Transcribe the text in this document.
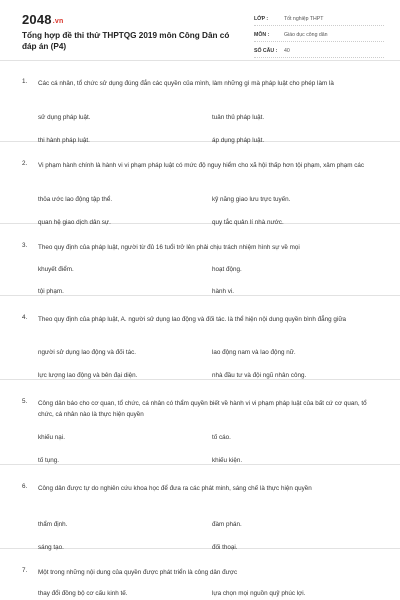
2048.vn
Tổng hợp đề thi thử THPTQG 2019 môn Công Dân có đáp án (P4)
LỚP :	Tốt nghiệp THPT
MÔN :	Giáo dục công dân
SỐ CÂU :	40
1.	Các cá nhân, tổ chức sử dụng đúng đắn các quyền của mình, làm những gì mà pháp luật cho phép làm là
sử dụng pháp luật.	tuân thủ pháp luật.
thi hành pháp luật.	áp dụng pháp luật.
2.	Vi phạm hành chính là hành vi vi phạm pháp luật có mức độ nguy hiểm cho xã hội thấp hơn tội phạm, xâm phạm các
thỏa ước lao động tập thể.	kỹ năng giao lưu trực tuyến.
quan hệ giao dịch dân sự.	quy tắc quản lí nhà nước.
3.	Theo quy định của pháp luật, người từ đủ 16 tuổi trở lên phải chịu trách nhiệm hình sự về mọi
khuyết điểm.	hoạt động.
tội phạm.	hành vi.
4.	Theo quy định của pháp luật, A. người sử dụng lao động và đối tác. là thể hiện nội dung quyền bình đẳng giữa
người sử dụng lao động và đối tác.	lao động nam và lao động nữ.
lực lượng lao động và bên đại diện.	nhà đầu tư và đội ngũ nhân công.
5.	Công dân báo cho cơ quan, tổ chức, cá nhân có thẩm quyền biết về hành vi vi phạm pháp luật của bất cứ cơ quan, tổ chức, cá nhân nào là thực hiện quyền
khiếu nại.	tố cáo.
tố tụng.	khiếu kiện.
6.	Công dân được tự do nghiên cứu khoa học để đưa ra các phát minh, sáng chế là thực hiện quyền
thẩm định.	đàm phán.
sáng tạo.	đối thoại.
7.	Một trong những nội dung của quyền được phát triển là công dân được
thay đổi đồng bộ cơ cấu kinh tế.	lựa chọn mọi nguồn quỹ phúc lợi.
